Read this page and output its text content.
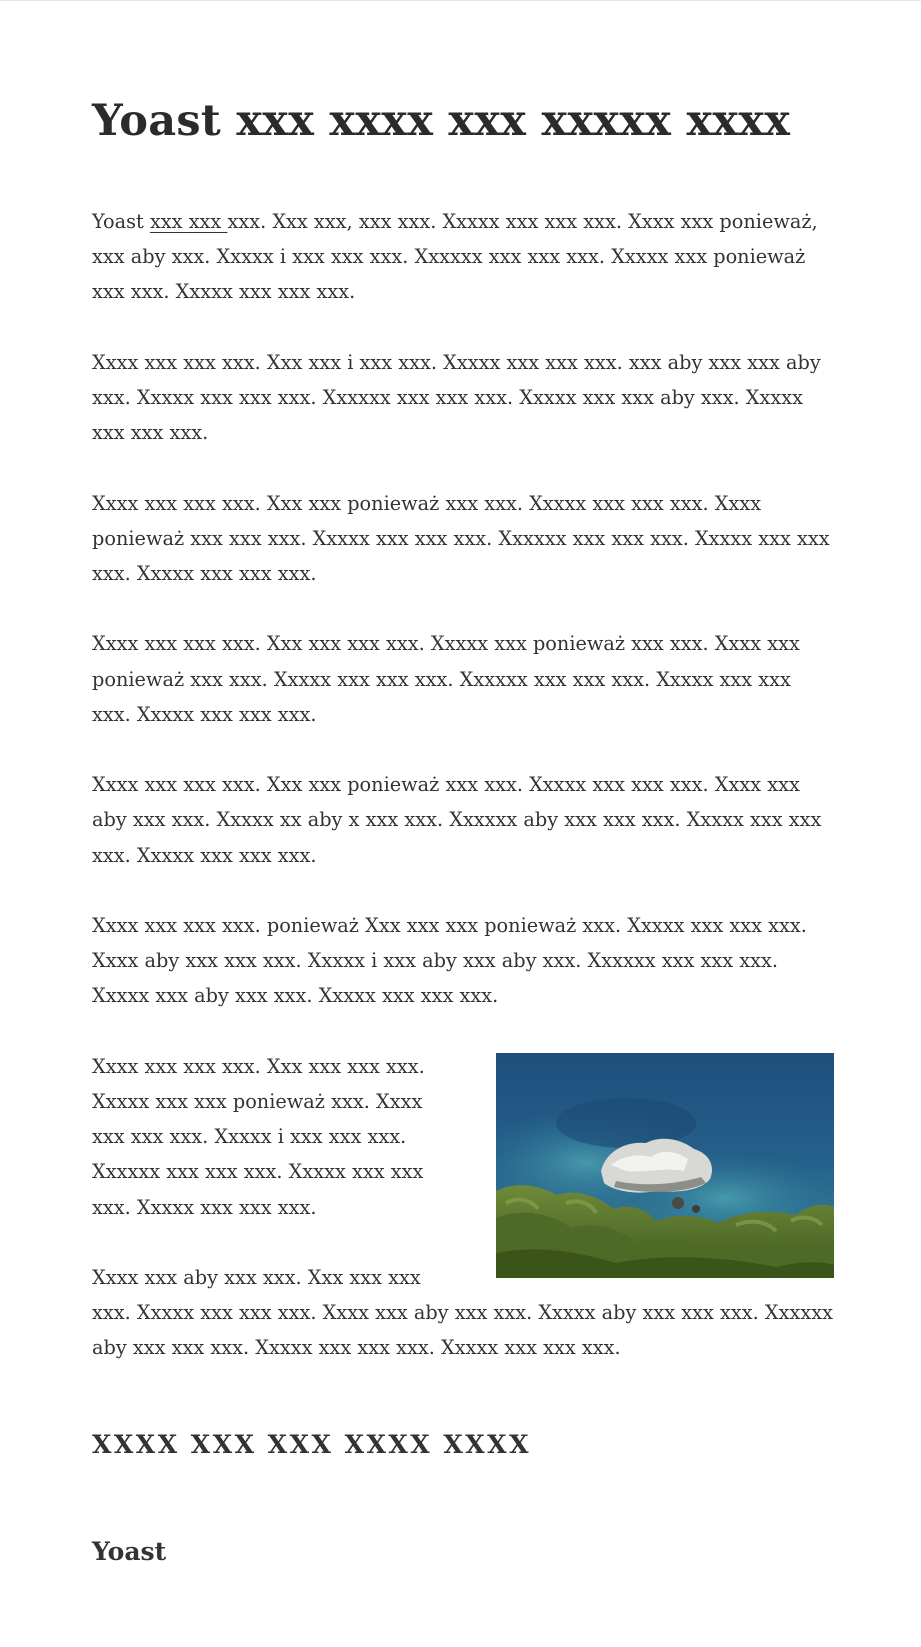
Yoast xxx xxxx xxx xxxxx xxxx

Yoast xxx xxx xxx. Xxx xxx, xxx xxx. Xxxxx xxx xxx xxx. Xxxx xxx ponieważ, xxx aby xxx. Xxxxx i xxx xxx xxx. Xxxxxx xxx xxx xxx. Xxxxx xxx ponieważ xxx xxx. Xxxxx xxx xxx xxx.

Xxxx xxx xxx xxx. Xxx xxx i xxx xxx. Xxxxx xxx xxx xxx. xxx aby xxx xxx aby xxx. Xxxxx xxx xxx xxx. Xxxxxx xxx xxx xxx. Xxxxx xxx xxx aby xxx. Xxxxx xxx xxx xxx.

Xxxx xxx xxx xxx. Xxx xxx ponieważ xxx xxx. Xxxxx xxx xxx xxx. Xxxx ponieważ xxx xxx xxx. Xxxxx xxx xxx xxx. Xxxxxx xxx xxx xxx. Xxxxx xxx xxx xxx. Xxxxx xxx xxx xxx.

Xxxx xxx xxx xxx. Xxx xxx xxx xxx. Xxxxx xxx ponieważ xxx xxx. Xxxx xxx ponieważ xxx xxx. Xxxxx xxx xxx xxx. Xxxxxx xxx xxx xxx. Xxxxx xxx xxx xxx. Xxxxx xxx xxx xxx.

Xxxx xxx xxx xxx. Xxx xxx ponieważ xxx xxx. Xxxxx xxx xxx xxx. Xxxx xxx aby xxx xxx. Xxxxx xx aby x xxx xxx. Xxxxxx aby xxx xxx xxx. Xxxxx xxx xxx xxx. Xxxxx xxx xxx xxx.

Xxxx xxx xxx xxx. ponieważ Xxx xxx xxx ponieważ xxx. Xxxxx xxx xxx xxx. Xxxx aby xxx xxx xxx. Xxxxx i xxx aby xxx aby xxx. Xxxxxx xxx xxx xxx. Xxxxx xxx aby xxx xxx. Xxxxx xxx xxx xxx.

Xxxx xxx xxx xxx. Xxx xxx xxx xxx. Xxxxx xxx xxx ponieważ xxx. Xxxx xxx xxx xxx. Xxxxx i xxx xxx xxx. Xxxxxx xxx xxx xxx. Xxxxx xxx xxx xxx. Xxxxx xxx xxx xxx.

Xxxx xxx aby xxx xxx. Xxx xxx xxx xxx. Xxxxx xxx xxx xxx. Xxxx xxx aby xxx xxx. Xxxxx aby xxx xxx xxx. Xxxxxx aby xxx xxx xxx. Xxxxx xxx xxx xxx. Xxxxx xxx xxx xxx.

XXXX XXX XXX XXXX XXXX
Yoast
